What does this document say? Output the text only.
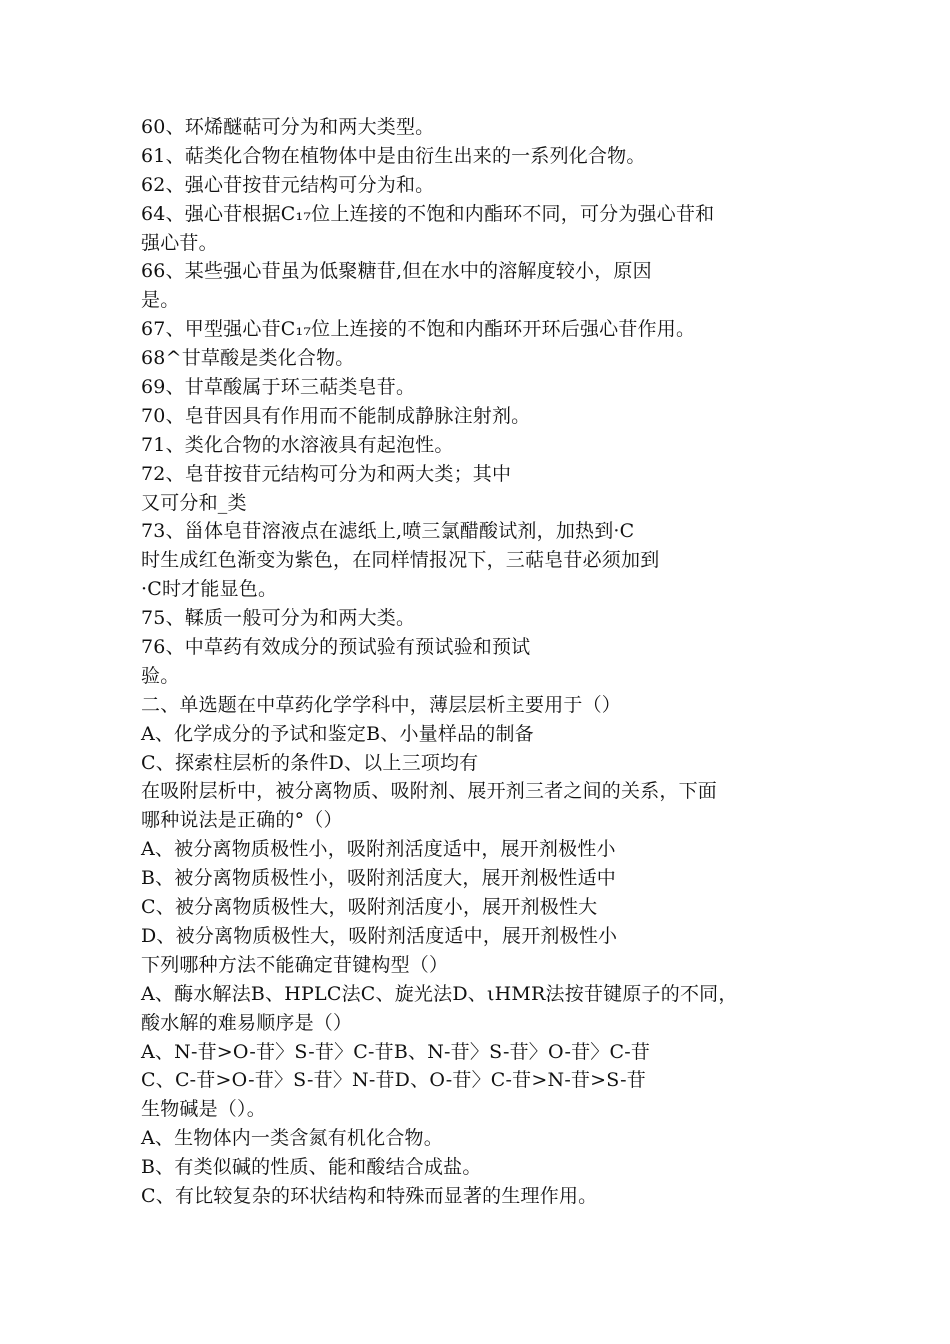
60、环烯醚萜可分为和两大类型。
61、萜类化合物在植物体中是由衍生出来的一系列化合物。
62、强心苷按苷元结构可分为和。
64、强心苷根据C₁₇位上连接的不饱和内酯环不同，可分为强心苷和
强心苷。
66、某些强心苷虽为低聚糖苷,但在水中的溶解度较小，原因
是。
67、甲型强心苷C₁₇位上连接的不饱和内酯环开环后强心苷作用。
68^甘草酸是类化合物。
69、甘草酸属于环三萜类皂苷。
70、皂苷因具有作用而不能制成静脉注射剂。
71、类化合物的水溶液具有起泡性。
72、皂苷按苷元结构可分为和两大类；其中
又可分和_类
73、甾体皂苷溶液点在滤纸上,喷三氯醋酸试剂，加热到·C
时生成红色渐变为紫色，在同样情报况下，三萜皂苷必须加到
·C时才能显色。
75、鞣质一般可分为和两大类。
76、中草药有效成分的预试验有预试验和预试
验。
二、单选题在中草药化学学科中，薄层层析主要用于（）
A、化学成分的予试和鉴定B、小量样品的制备
C、探索柱层析的条件D、以上三项均有
在吸附层析中，被分离物质、吸附剂、展开剂三者之间的关系，下面
哪种说法是正确的°（）
A、被分离物质极性小，吸附剂活度适中，展开剂极性小
B、被分离物质极性小，吸附剂活度大，展开剂极性适中
C、被分离物质极性大，吸附剂活度小，展开剂极性大
D、被分离物质极性大，吸附剂活度适中，展开剂极性小
下列哪种方法不能确定苷键构型（）
A、酶水解法B、HPLC法C、旋光法D、ιHMR法按苷键原子的不同，
酸水解的难易顺序是（）
A、N-苷>O-苷〉S-苷〉C-苷B、N-苷〉S-苷〉O-苷〉C-苷
C、C-苷>O-苷〉S-苷〉N-苷D、O-苷〉C-苷>N-苷>S-苷
生物碱是（）。
A、生物体内一类含氮有机化合物。
B、有类似碱的性质、能和酸结合成盐。
C、有比较复杂的环状结构和特殊而显著的生理作用。
